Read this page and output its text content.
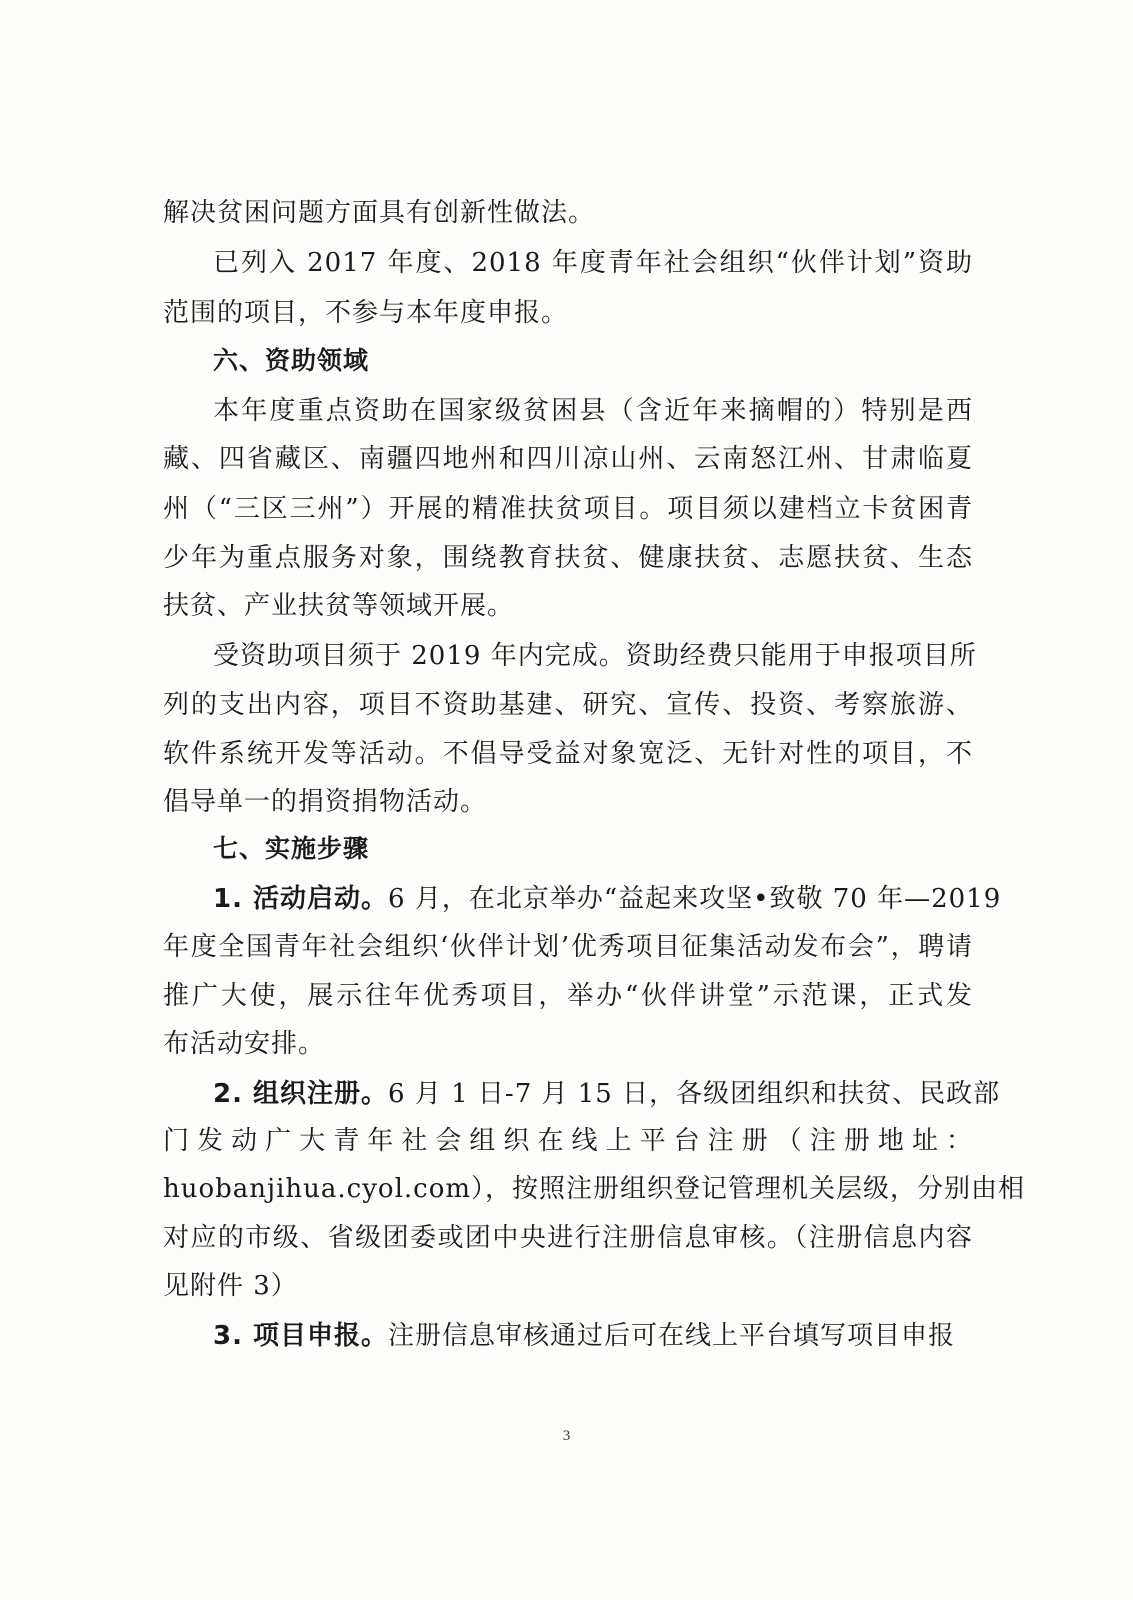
解决贫困问题方面具有创新性做法。
已列入 2017 年度、2018 年度青年社会组织“伙伴计划”资助
范围的项目，不参与本年度申报。
六、资助领域
本年度重点资助在国家级贫困县（含近年来摘帽的）特别是西
藏、四省藏区、南疆四地州和四川凉山州、云南怒江州、甘肃临夏
州（“三区三州”）开展的精准扶贫项目。项目须以建档立卡贫困青
少年为重点服务对象，围绕教育扶贫、健康扶贫、志愿扶贫、生态
扶贫、产业扶贫等领域开展。
受资助项目须于 2019 年内完成。资助经费只能用于申报项目所
列的支出内容，项目不资助基建、研究、宣传、投资、考察旅游、
软件系统开发等活动。不倡导受益对象宽泛、无针对性的项目，不
倡导单一的捐资捐物活动。
七、实施步骤
1. 活动启动。6 月，在北京举办“益起来攻坚•致敬 70 年—2019
年度全国青年社会组织‘伙伴计划’优秀项目征集活动发布会”，聘请
推广大使，展示往年优秀项目，举办“伙伴讲堂”示范课，正式发
布活动安排。
2. 组织注册。6 月 1 日-7 月 15 日，各级团组织和扶贫、民政部
门发动广大青年社会组织在线上平台注册（注册地址：
huobanjihua.cyol.com），按照注册组织登记管理机关层级，分别由相
对应的市级、省级团委或团中央进行注册信息审核。（注册信息内容
见附件 3）
3. 项目申报。注册信息审核通过后可在线上平台填写项目申报
3
